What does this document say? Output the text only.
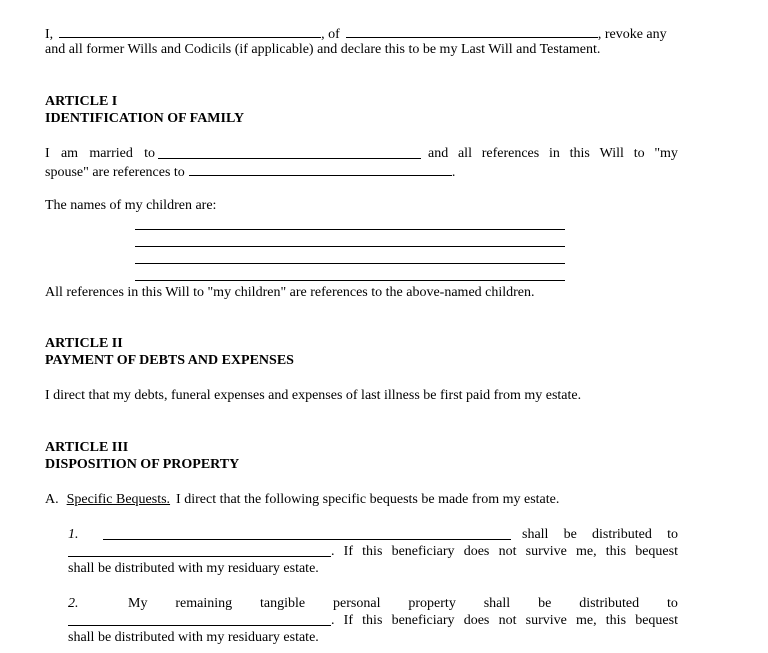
I,	, of	, revoke any
and all former Wills and Codicils (if applicable) and declare this to be my Last Will and Testament.
ARTICLE I
IDENTIFICATION OF FAMILY
I am married to	and all references in this Will to "my
spouse" are references to	.
The names of my children are:
All references in this Will to "my children" are references to the above-named children.
ARTICLE II
PAYMENT OF DEBTS AND EXPENSES
I direct that my debts, funeral expenses and expenses of last illness be first paid from my estate.
ARTICLE III
DISPOSITION OF PROPERTY
A. Specific Bequests. I direct that the following specific bequests be made from my estate.
1.	shall be distributed to
. If this beneficiary does not survive me, this bequest
shall be distributed with my residuary estate.
2.	My remaining tangible personal property shall be distributed to
. If this beneficiary does not survive me, this bequest
shall be distributed with my residuary estate.
